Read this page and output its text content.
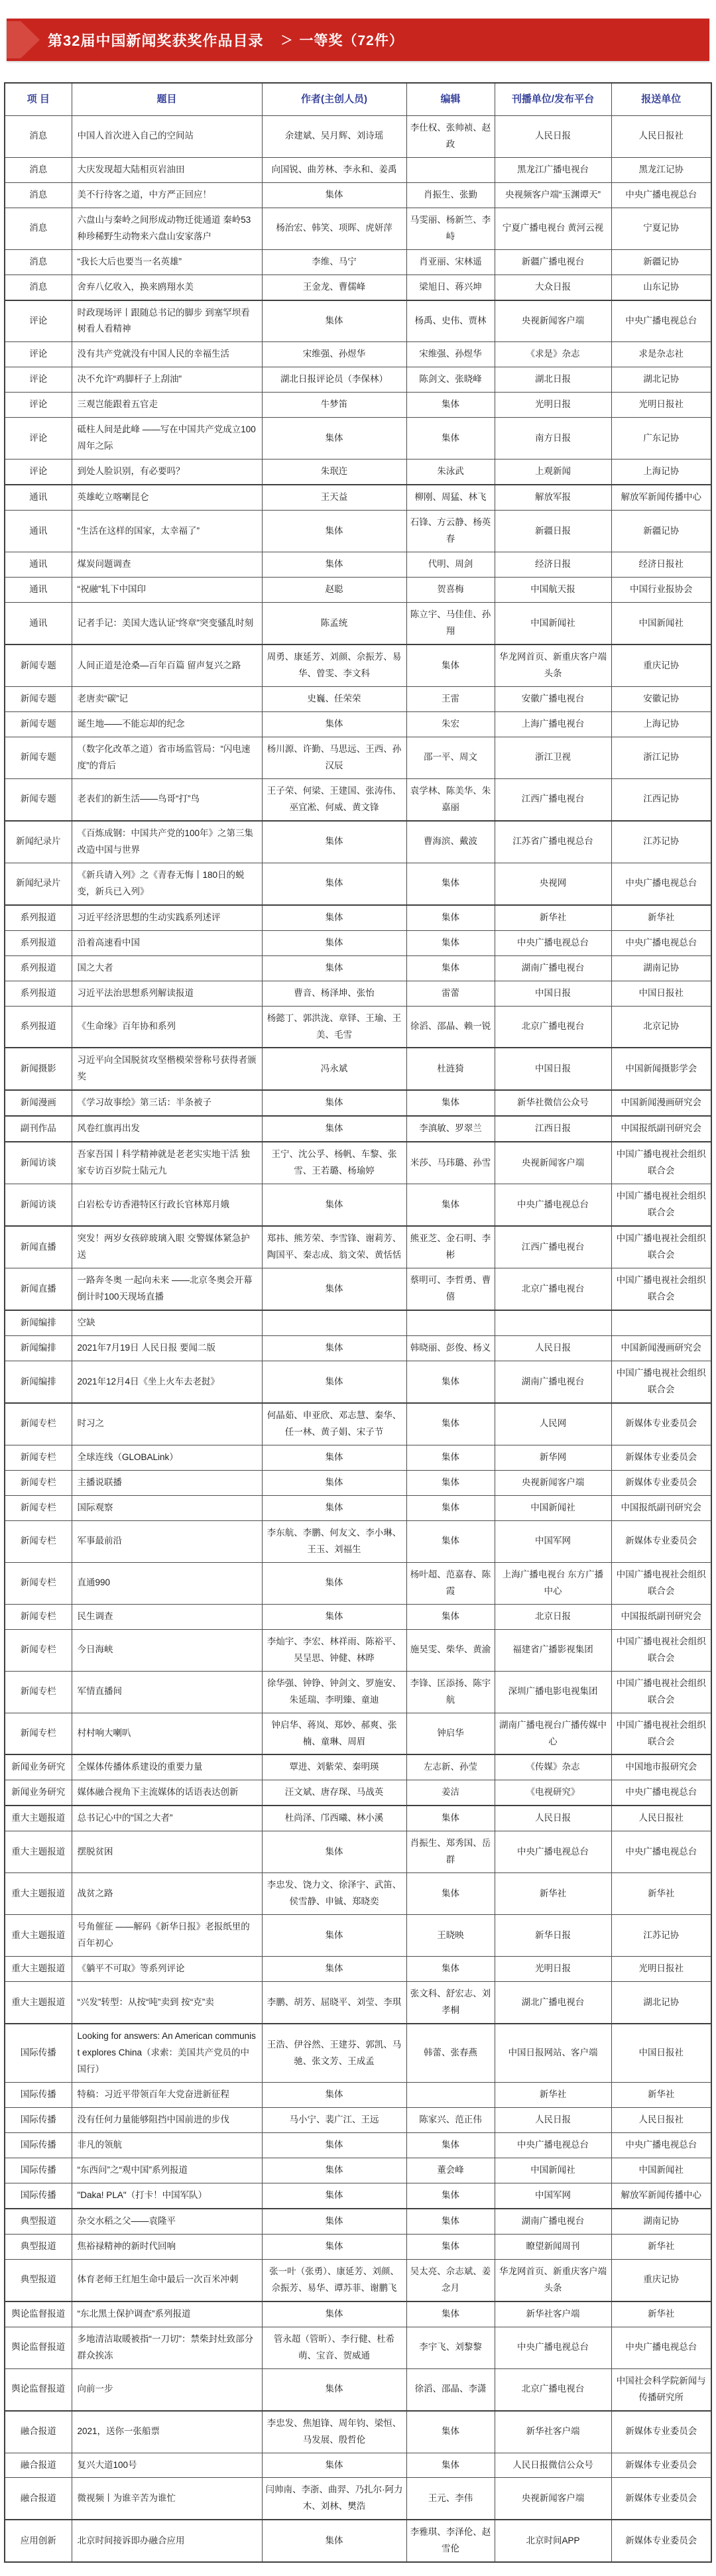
第32届中国新闻奖获奖作品目录 ＞ 一等奖（72件）
项 目	题目	作者(主创人员)	编辑	刊播单位/发布平台	报送单位
消息	中国人首次进入自己的空间站	余建斌、吴月辉、刘诗瑶	李仕权、张帅祯、赵政	人民日报	人民日报社
消息	大庆发现超大陆相页岩油田	向国锐、曲芳林、李永和、姜禹		黑龙江广播电视台	黑龙江记协
消息	美不行待客之道，中方严正回应！	集体	肖振生、张勤	央视频客户端“玉渊谭天”	中央广播电视总台
消息	六盘山与秦岭之间形成动物迁徙通道 秦岭53种珍稀野生动物来六盘山安家落户	杨治宏、韩笑、项晖、虎妍萍	马雯丽、杨新竺、李峙	宁夏广播电视台 黄河云视	宁夏记协
消息	“我长大后也要当一名英雄”	李维、马宁	肖亚丽、宋林遥	新疆广播电视台	新疆记协
消息	舍弃八亿收入，换来鸥翔水美	王金龙、曹儒峰	梁旭日、蒋兴坤	大众日报	山东记协
评论	时政现场评丨跟随总书记的脚步 到塞罕坝看树看人看精神	集体	杨禹、史伟、贾林	央视新闻客户端	中央广播电视总台
评论	没有共产党就没有中国人民的幸福生活	宋维强、孙煜华	宋维强、孙煜华	《求是》杂志	求是杂志社
评论	决不允许“鸡脚杆子上刮油”	湖北日报评论员（李保林）	陈剑文、张晓峰	湖北日报	湖北记协
评论	三观岂能跟着五官走	牛梦笛	集体	光明日报	光明日报社
评论	砥柱人间是此峰 ——写在中国共产党成立100周年之际	集体	集体	南方日报	广东记协
评论	到处人脸识别，有必要吗？	朱珉迕	朱泳武	上观新闻	上海记协
通讯	英雄屹立喀喇昆仑	王天益	柳刚、周猛、林飞	解放军报	解放军新闻传播中心
通讯	“生活在这样的国家，太幸福了”	集体	石锋、方云静、杨英春	新疆日报	新疆记协
通讯	煤炭问题调查	集体	代明、周剑	经济日报	经济日报社
通讯	“祝融”轧下中国印	赵聪	贺喜梅	中国航天报	中国行业报协会
通讯	记者手记：美国大选认证“终章”突变骚乱时刻	陈孟统	陈立宇、马佳佳、孙翔	中国新闻社	中国新闻社
新闻专题	人间正道是沧桑—百年百篇 留声复兴之路	周勇、康延芳、刘颜、佘振芳、易华、曾雯、李文科	集体	华龙网首页、新重庆客户端头条	重庆记协
新闻专题	老唐卖“碳”记	史巍、任荣荣	王雷	安徽广播电视台	安徽记协
新闻专题	诞生地——不能忘却的纪念	集体	朱宏	上海广播电视台	上海记协
新闻专题	（数字化改革之道）省市场监管局：“闪电速度”的背后	杨川源、许勤、马思远、王西、孙汉辰	邵一平、周文	浙江卫视	浙江记协
新闻专题	老表们的新生活——鸟哥“打”鸟	王子荣、何梁、王建国、张涛伟、巫宜凇、何威、黄文锋	袁学林、陈美华、朱嘉丽	江西广播电视台	江西记协
新闻纪录片	《百炼成钢：中国共产党的100年》之第三集 改造中国与世界	集体	曹海滨、戴波	江苏省广播电视总台	江苏记协
新闻纪录片	《新兵请入列》之《青春无悔丨180日的蜕变，新兵已入列》	集体	集体	央视网	中央广播电视总台
系列报道	习近平经济思想的生动实践系列述评	集体	集体	新华社	新华社
系列报道	沿着高速看中国	集体	集体	中央广播电视总台	中央广播电视总台
系列报道	国之大者	集体	集体	湖南广播电视台	湖南记协
系列报道	习近平法治思想系列解读报道	曹音、杨泽坤、张怡	雷蕾	中国日报	中国日报社
系列报道	《生命缘》百年协和系列	杨懿丁、郭洪泷、章铎、王瑜、王美、毛雪	徐滔、邵晶、赖一锐	北京广播电视台	北京记协
新闻摄影	习近平向全国脱贫攻坚楷模荣誉称号获得者颁奖	冯永斌	杜涟猗	中国日报	中国新闻摄影学会
新闻漫画	《学习故事绘》第三话：半条被子	集体	集体	新华社微信公众号	中国新闻漫画研究会
副刊作品	风卷红旗再出发	集体	李滇敏、罗翠兰	江西日报	中国报纸副刊研究会
新闻访谈	吾家吾国丨科学精神就是老老实实地干活 独家专访百岁院士陆元九	王宁、沈公孚、杨帆、车黎、张雪、王若璐、杨瑜婷	米莎、马玮璐、孙雪	央视新闻客户端	中国广播电视社会组织联合会
新闻访谈	白岩松专访香港特区行政长官林郑月娥	集体	集体	中央广播电视总台	中国广播电视社会组织联合会
新闻直播	突发！两岁女孩碎玻璃入眼 交警媒体紧急护送	郑祎、熊芳荣、李雪锋、谢莉芳、陶国平、秦志成、翁文荣、黄恬恬	熊亚芝、金石明、李彬	江西广播电视台	中国广播电视社会组织联合会
新闻直播	一路奔冬奥 一起向未来 ——北京冬奥会开幕倒计时100天现场直播	集体	蔡明可、李哲勇、曹僖	北京广播电视台	中国广播电视社会组织联合会
新闻编排	空缺				
新闻编排	2021年7月19日 人民日报 要闻二版	集体	韩晓丽、彭俊、杨义	人民日报	中国新闻漫画研究会
新闻编排	2021年12月4日《坐上火车去老挝》	集体	集体	湖南广播电视台	中国广播电视社会组织联合会
新闻专栏	时习之	何晶茹、申亚欣、邓志慧、秦华、任一林、黄子娟、宋子节	集体	人民网	新媒体专业委员会
新闻专栏	全球连线（GLOBALink）	集体	集体	新华网	新媒体专业委员会
新闻专栏	主播说联播	集体	集体	央视新闻客户端	新媒体专业委员会
新闻专栏	国际观察	集体	集体	中国新闻社	中国报纸副刊研究会
新闻专栏	军事最前沿	李东航、李鹏、何友文、李小琳、王玉、刘福生	集体	中国军网	新媒体专业委员会
新闻专栏	直通990	集体	杨叶超、范嘉春、陈霞	上海广播电视台 东方广播中心	中国广播电视社会组织联合会
新闻专栏	民生调查	集体	集体	北京日报	中国报纸副刊研究会
新闻专栏	今日海峡	李灿宇、李宏、林祥雨、陈裕平、吴呈思、钟健、林晔	施昊雯、柴华、黄渝	福建省广播影视集团	中国广播电视社会组织联合会
新闻专栏	军情直播间	徐华强、钟铮、钟剑文、罗施安、朱延瑞、李明臻、童迪	李锋、匡添扬、陈宇航	深圳广播电影电视集团	中国广播电视社会组织联合会
新闻专栏	村村响大喇叭	钟启华、蒋岚、郑妙、郝爽、张楠、童琳、周眉	钟启华	湖南广播电视台广播传媒中心	中国广播电视社会组织联合会
新闻业务研究	全媒体传播体系建设的重要力量	覃进、刘紫荣、秦明瑛	左志新、孙莹	《传媒》杂志	中国地市报研究会
新闻业务研究	媒体融合视角下主流媒体的话语表达创新	汪文斌、唐存琛、马战英	姜洁	《电视研究》	中央广播电视总台
重大主题报道	总书记心中的“国之大者”	杜尚泽、邝西曦、林小溪	集体	人民日报	人民日报社
重大主题报道	摆脱贫困	集体	肖振生、郑秀国、岳群	中央广播电视总台	中央广播电视总台
重大主题报道	战贫之路	李忠发、饶力文、徐泽宇、武笛、侯雪静、申铖、郑晓奕	集体	新华社	新华社
重大主题报道	号角催征 ——解码《新华日报》老报纸里的百年初心	集体	王晓映	新华日报	江苏记协
重大主题报道	《躺平不可取》等系列评论	集体	集体	光明日报	光明日报社
重大主题报道	“兴发”转型：从按“吨”卖到 按“克”卖	李鹏、胡芳、屈晓平、刘莹、李琪	张文科、舒宏志、刘孝桐	湖北广播电视台	湖北记协
国际传播	Looking for answers: An American communist explores China（求索：美国共产党员的中国行）	王浩、伊谷然、王建芬、郭凯、马驰、张文芳、王成孟	韩蕾、张春燕	中国日报网站、客户端	中国日报社
国际传播	特稿：习近平带领百年大党奋进新征程	集体		新华社	新华社
国际传播	没有任何力量能够阻挡中国前进的步伐	马小宁、裴广江、王远	陈家兴、范正伟	人民日报	人民日报社
国际传播	非凡的领航	集体	集体	中央广播电视总台	中央广播电视总台
国际传播	“东西问”之“观中国”系列报道	集体	董会峰	中国新闻社	中国新闻社
国际传播	"Daka! PLA"（打卡！中国军队）	集体	集体	中国军网	解放军新闻传播中心
典型报道	杂交水稻之父——袁隆平	集体	集体	湖南广播电视台	湖南记协
典型报道	焦裕禄精神的新时代回响	集体	集体	瞭望新闻周刊	新华社
典型报道	体育老师王红旭生命中最后一次百米冲刺	张一叶（张勇）、康延芳、刘颜、佘振芳、易华、谭苏菲、谢鹏飞	吴太亮、佘志斌、姜念月	华龙网首页、新重庆客户端头条	重庆记协
舆论监督报道	“东北黑土保护调查”系列报道	集体	集体	新华社客户端	新华社
舆论监督报道	多地清洁取暖被指“一刀切”：禁柴封灶致部分群众挨冻	管永超（管昕）、李行健、杜希萌、宝音、贺威通	李宇飞、刘黎黎	中央广播电视总台	中央广播电视总台
舆论监督报道	向前一步	集体	徐滔、邵晶、李潇	北京广播电视台	中国社会科学院新闻与传播研究所
融合报道	2021，送你一张船票	李忠发、焦旭锋、周年钧、梁恒、马发展、殷哲伦	集体	新华社客户端	新媒体专业委员会
融合报道	复兴大道100号	集体	集体	人民日报微信公众号	新媒体专业委员会
融合报道	微视频丨为谁辛苦为谁忙	闫帅南、李浙、曲羿、乃扎尔·阿力木、刘林、樊浩	王元、李伟	央视新闻客户端	新媒体专业委员会
应用创新	北京时间接诉即办融合应用	集体	李雅琪、李泽伦、赵雪伦	北京时间APP	新媒体专业委员会
